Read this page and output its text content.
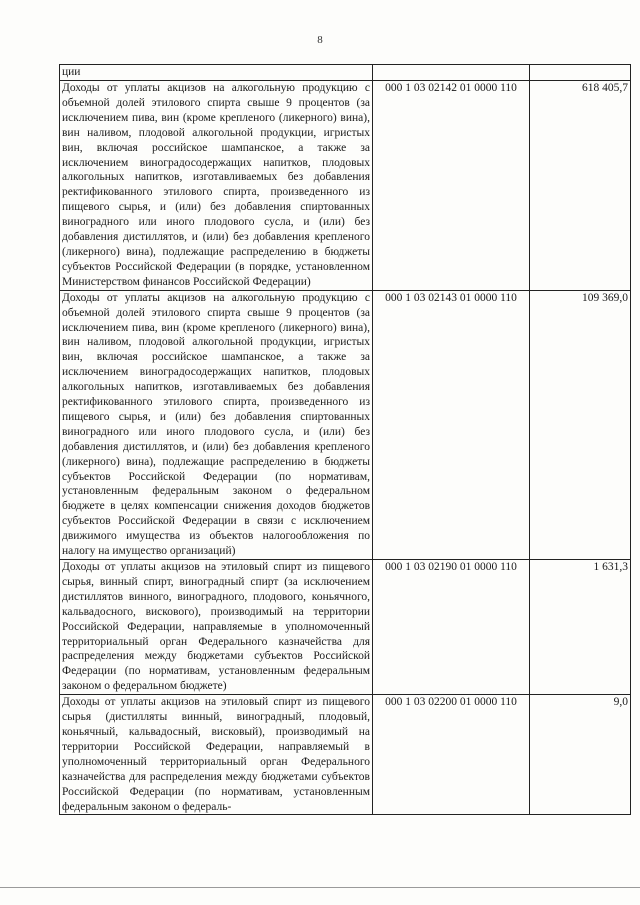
8
ции		
Доходы от уплаты акцизов на алкогольную продукцию с объемной долей этилового спирта свыше 9 процентов (за исключением пива, вин (кроме крепленого (ликерного) вина), вин наливом, плодовой алкогольной продукции, игристых вин, включая российское шампанское, а также за исключением виноградосодержащих напитков, плодовых алкогольных напитков, изготавливаемых без добавления ректификованного этилового спирта, произведенного из пищевого сырья, и (или) без добавления спиртованных виноградного или иного плодового сусла, и (или) без добавления дистиллятов, и (или) без добавления крепленого (ликерного) вина), подлежащие распределению в бюджеты субъектов Российской Федерации (в порядке, установленном Министерством финансов Российской Федерации)	000 1 03 02142 01 0000 110	618 405,7
Доходы от уплаты акцизов на алкогольную продукцию с объемной долей этилового спирта свыше 9 процентов (за исключением пива, вин (кроме крепленого (ликерного) вина), вин наливом, плодовой алкогольной продукции, игристых вин, включая российское шампанское, а также за исключением виноградосодержащих напитков, плодовых алкогольных напитков, изготавливаемых без добавления ректификованного этилового спирта, произведенного из пищевого сырья, и (или) без добавления спиртованных виноградного или иного плодового сусла, и (или) без добавления дистиллятов, и (или) без добавления крепленого (ликерного) вина), подлежащие распределению в бюджеты субъектов Российской Федерации (по нормативам, установленным федеральным законом о федеральном бюджете в целях компенсации снижения доходов бюджетов субъектов Российской Федерации в связи с исключением движимого имущества из объектов налогообложения по налогу на имущество организаций)	000 1 03 02143 01 0000 110	109 369,0
Доходы от уплаты акцизов на этиловый спирт из пищевого сырья, винный спирт, виноградный спирт (за исключением дистиллятов винного, виноградного, плодового, коньячного, кальвадосного, вискового), производимый на территории Российской Федерации, направляемые в уполномоченный территориальный орган Федерального казначейства для распределения между бюджетами субъектов Российской Федерации (по нормативам, установленным федеральным законом о федеральном бюджете)	000 1 03 02190 01 0000 110	1 631,3
Доходы от уплаты акцизов на этиловый спирт из пищевого сырья (дистилляты винный, виноградный, плодовый, коньячный, кальвадосный, висковый), производимый на территории Российской Федерации, направляемый в уполномоченный территориальный орган Федерального казначейства для распределения между бюджетами субъектов Российской Федерации (по нормативам, установленным федеральным законом о федераль-	000 1 03 02200 01 0000 110	9,0
